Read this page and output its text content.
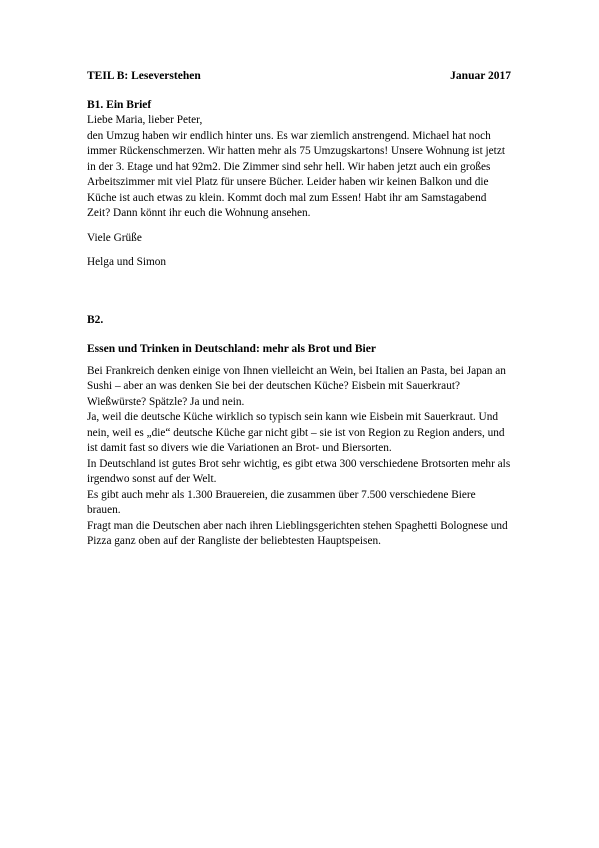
TEIL B: Leseverstehen	Januar 2017
B1. Ein Brief

Liebe Maria, lieber Peter,

den Umzug haben wir endlich hinter uns. Es war ziemlich anstrengend. Michael hat noch immer Rückenschmerzen. Wir hatten mehr als 75 Umzugskartons! Unsere Wohnung ist jetzt in der 3. Etage und hat 92m2. Die Zimmer sind sehr hell. Wir haben jetzt auch ein großes Arbeitszimmer mit viel Platz für unsere Bücher. Leider haben wir keinen Balkon und die Küche ist auch etwas zu klein. Kommt doch mal zum Essen! Habt ihr am Samstagabend Zeit? Dann könnt ihr euch die Wohnung ansehen.

Viele Grüße
Helga und Simon
B2.
Essen und Trinken in Deutschland: mehr als Brot und Bier

Bei Frankreich denken einige von Ihnen vielleicht an Wein, bei Italien an Pasta, bei Japan an Sushi – aber an was denken Sie bei der deutschen Küche? Eisbein mit Sauerkraut? Wießwürste? Spätzle? Ja und nein.

Ja, weil die deutsche Küche wirklich so typisch sein kann wie Eisbein mit Sauerkraut. Und nein, weil es „die“ deutsche Küche gar nicht gibt – sie ist von Region zu Region anders, und ist damit fast so divers wie die Variationen an Brot- und Biersorten.

In Deutschland ist gutes Brot sehr wichtig, es gibt etwa 300 verschiedene Brotsorten mehr als irgendwo sonst auf der Welt.

Es gibt auch mehr als 1.300 Brauereien, die zusammen über 7.500 verschiedene Biere brauen.

Fragt man die Deutschen aber nach ihren Lieblingsgerichten stehen Spaghetti Bolognese und Pizza ganz oben auf der Rangliste der beliebtesten Hauptspeisen.
